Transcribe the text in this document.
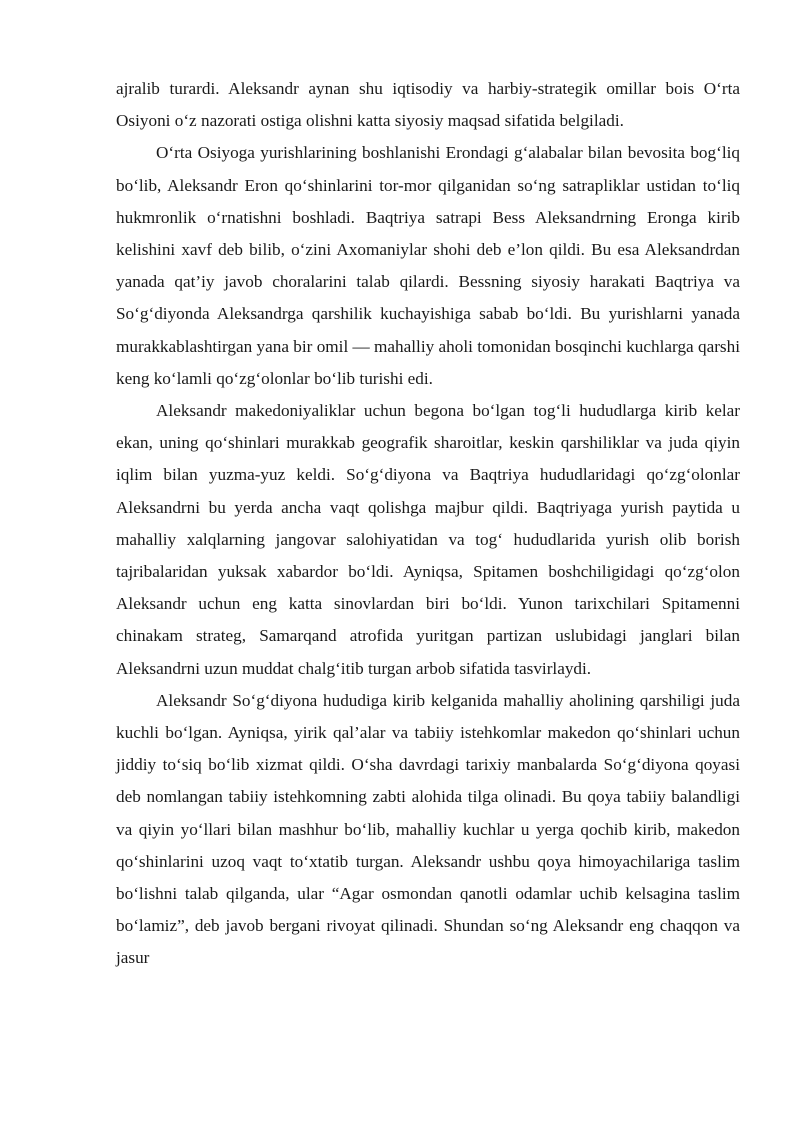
ajralib turardi. Aleksandr aynan shu iqtisodiy va harbiy-strategik omillar bois O‘rta Osiyoni o‘z nazorati ostiga olishni katta siyosiy maqsad sifatida belgiladi.

O‘rta Osiyoga yurishlarining boshlanishi Erondagi g‘alabalar bilan bevosita bog‘liq bo‘lib, Aleksandr Eron qo‘shinlarini tor-mor qilganidan so‘ng satrapliklar ustidan to‘liq hukmronlik o‘rnatishni boshladi. Baqtriya satrapi Bess Aleksandrning Eronga kirib kelishini xavf deb bilib, o‘zini Axomaniylar shohi deb e’lon qildi. Bu esa Aleksandrdan yanada qat’iy javob choralarini talab qilardi. Bessning siyosiy harakati Baqtriya va So‘g‘diyonda Aleksandrga qarshilik kuchayishiga sabab bo‘ldi. Bu yurishlarni yanada murakkablashtirgan yana bir omil — mahalliy aholi tomonidan bosqinchi kuchlarga qarshi keng ko‘lamli qo‘zg‘olonlar bo‘lib turishi edi.

Aleksandr makedoniyaliklar uchun begona bo‘lgan tog‘li hududlarga kirib kelar ekan, uning qo‘shinlari murakkab geografik sharoitlar, keskin qarshiliklar va juda qiyin iqlim bilan yuzma-yuz keldi. So‘g‘diyona va Baqtriya hududlaridagi qo‘zg‘olonlar Aleksandrni bu yerda ancha vaqt qolishga majbur qildi. Baqtriyaga yurish paytida u mahalliy xalqlarning jangovar salohiyatidan va tog‘ hududlarida yurish olib borish tajribalaridan yuksak xabardor bo‘ldi. Ayniqsa, Spitamen boshchiligidagi qo‘zg‘olon Aleksandr uchun eng katta sinovlardan biri bo‘ldi. Yunon tarixchilari Spitamenni chinakam strateg, Samarqand atrofida yuritgan partizan uslubidagi janglari bilan Aleksandrni uzun muddat chalg‘itib turgan arbob sifatida tasvirlaydi.

Aleksandr So‘g‘diyona hududiga kirib kelganida mahalliy aholining qarshiligi juda kuchli bo‘lgan. Ayniqsa, yirik qal’alar va tabiiy istehkomlar makedon qo‘shinlari uchun jiddiy to‘siq bo‘lib xizmat qildi. O‘sha davrdagi tarixiy manbalarda So‘g‘diyona qoyasi deb nomlangan tabiiy istehkomning zabti alohida tilga olinadi. Bu qoya tabiiy balandligi va qiyin yo‘llari bilan mashhur bo‘lib, mahalliy kuchlar u yerga qochib kirib, makedon qo‘shinlarini uzoq vaqt to‘xtatib turgan. Aleksandr ushbu qoya himoyachilariga taslim bo‘lishni talab qilganda, ular “Agar osmondan qanotli odamlar uchib kelsagina taslim bo‘lamiz”, deb javob bergani rivoyat qilinadi. Shundan so‘ng Aleksandr eng chaqqon va jasur
